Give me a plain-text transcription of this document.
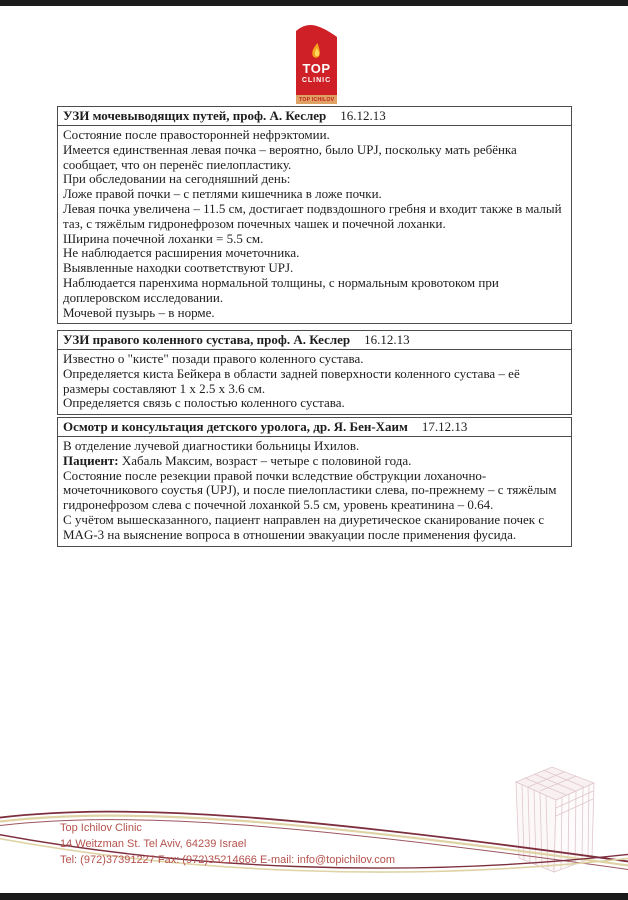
TOP
CLINIC
TOP ICHILOV
УЗИ мочевыводящих путей, проф. А. Кеслер 16.12.13

Состояние после правосторонней нефрэктомии.

Имеется единственная левая почка – вероятно, было UPJ, поскольку мать ребёнка сообщает, что он перенёс пиелопластику.

При обследовании на сегодняшний день:

Ложе правой почки – с петлями кишечника в ложе почки.

Левая почка увеличена – 11.5 см, достигает подвздошного гребня и входит также в малый таз, с тяжёлым гидронефрозом почечных чашек и почечной лоханки.

Ширина почечной лоханки = 5.5 см.

Не наблюдается расширения мочеточника.

Выявленные находки соответствуют UPJ.

Наблюдается паренхима нормальной толщины, с нормальным кровотоком при доплеровском исследовании.

Мочевой пузырь – в норме.

УЗИ правого коленного сустава, проф. А. Кеслер 16.12.13

Известно о "кисте" позади правого коленного сустава.

Определяется киста Бейкера в области задней поверхности коленного сустава – её размеры составляют 1 x 2.5 x 3.6 см.

Определяется связь с полостью коленного сустава.

Осмотр и консультация детского уролога, др. Я. Бен-Хаим 17.12.13

В отделение лучевой диагностики больницы Ихилов.

Пациент: Хабаль Максим, возраст – четыре с половиной года.

Состояние после резекции правой почки вследствие обструкции лоханочно-мочеточникового соустья (UPJ), и после пиелопластики слева, по-прежнему – с тяжёлым гидронефрозом слева с почечной лоханкой 5.5 см, уровень креатинина – 0.64.

С учётом вышесказанного, пациент направлен на диуретическое сканирование почек с MAG-3 на выяснение вопроса в отношении эвакуации после применения фусида.

Top Ichilov Clinic
14 Weitzman St. Tel Aviv, 64239 Israel
Tel: (972)37391227 Fax: (972)35214666 E-mail: info@topichilov.com
